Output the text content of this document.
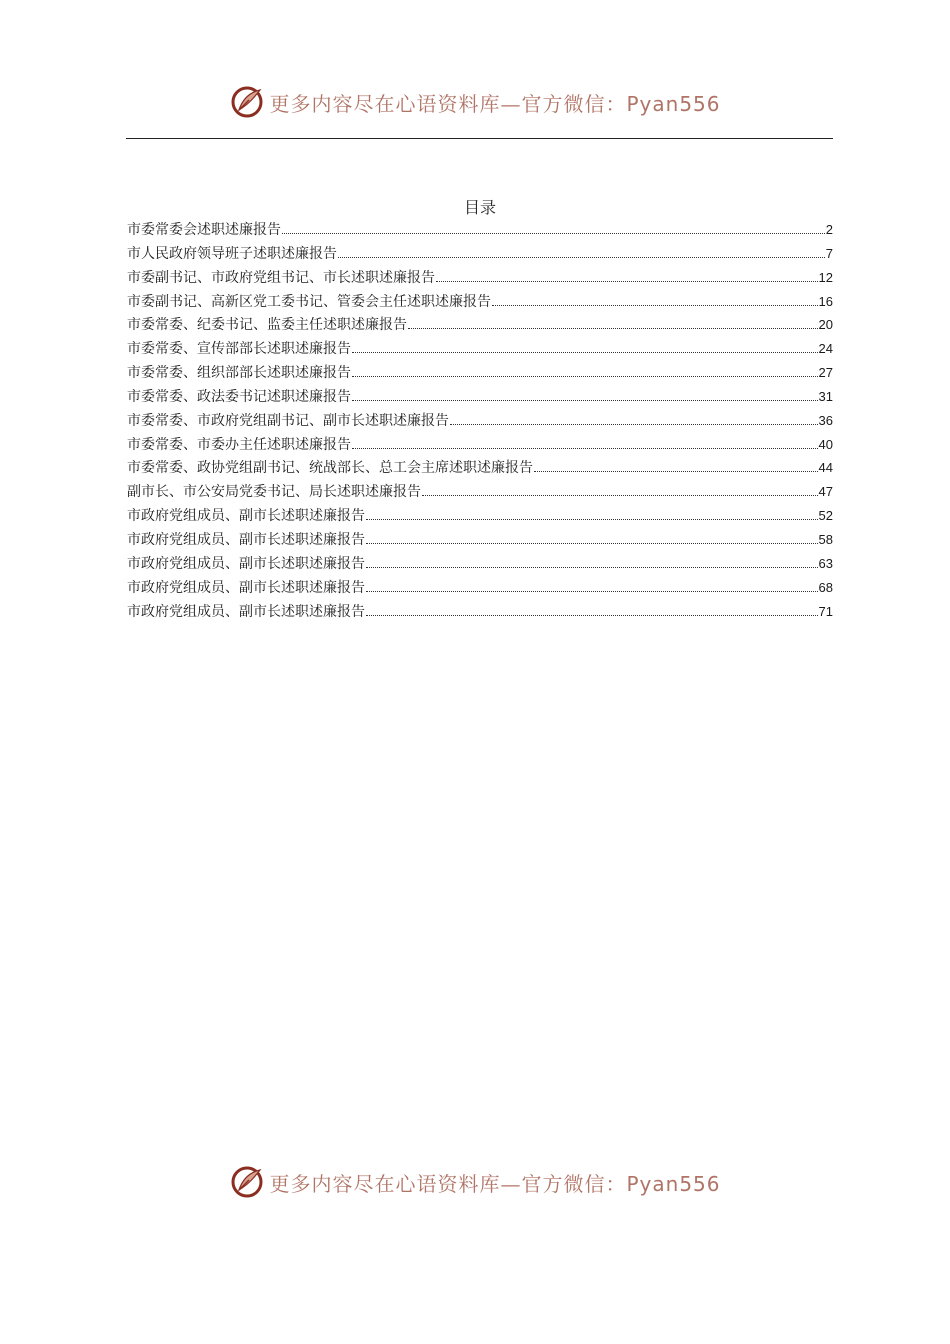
更多内容尽在心语资料库—官方微信：Pyan556
目录
市委常委会述职述廉报告	2
市人民政府领导班子述职述廉报告	7
市委副书记、市政府党组书记、市长述职述廉报告	12
市委副书记、高新区党工委书记、管委会主任述职述廉报告	16
市委常委、纪委书记、监委主任述职述廉报告	20
市委常委、宣传部部长述职述廉报告	24
市委常委、组织部部长述职述廉报告	27
市委常委、政法委书记述职述廉报告	31
市委常委、市政府党组副书记、副市长述职述廉报告	36
市委常委、市委办主任述职述廉报告	40
市委常委、政协党组副书记、统战部长、总工会主席述职述廉报告	44
副市长、市公安局党委书记、局长述职述廉报告	47
市政府党组成员、副市长述职述廉报告	52
市政府党组成员、副市长述职述廉报告	58
市政府党组成员、副市长述职述廉报告	63
市政府党组成员、副市长述职述廉报告	68
市政府党组成员、副市长述职述廉报告	71
更多内容尽在心语资料库—官方微信：Pyan556
